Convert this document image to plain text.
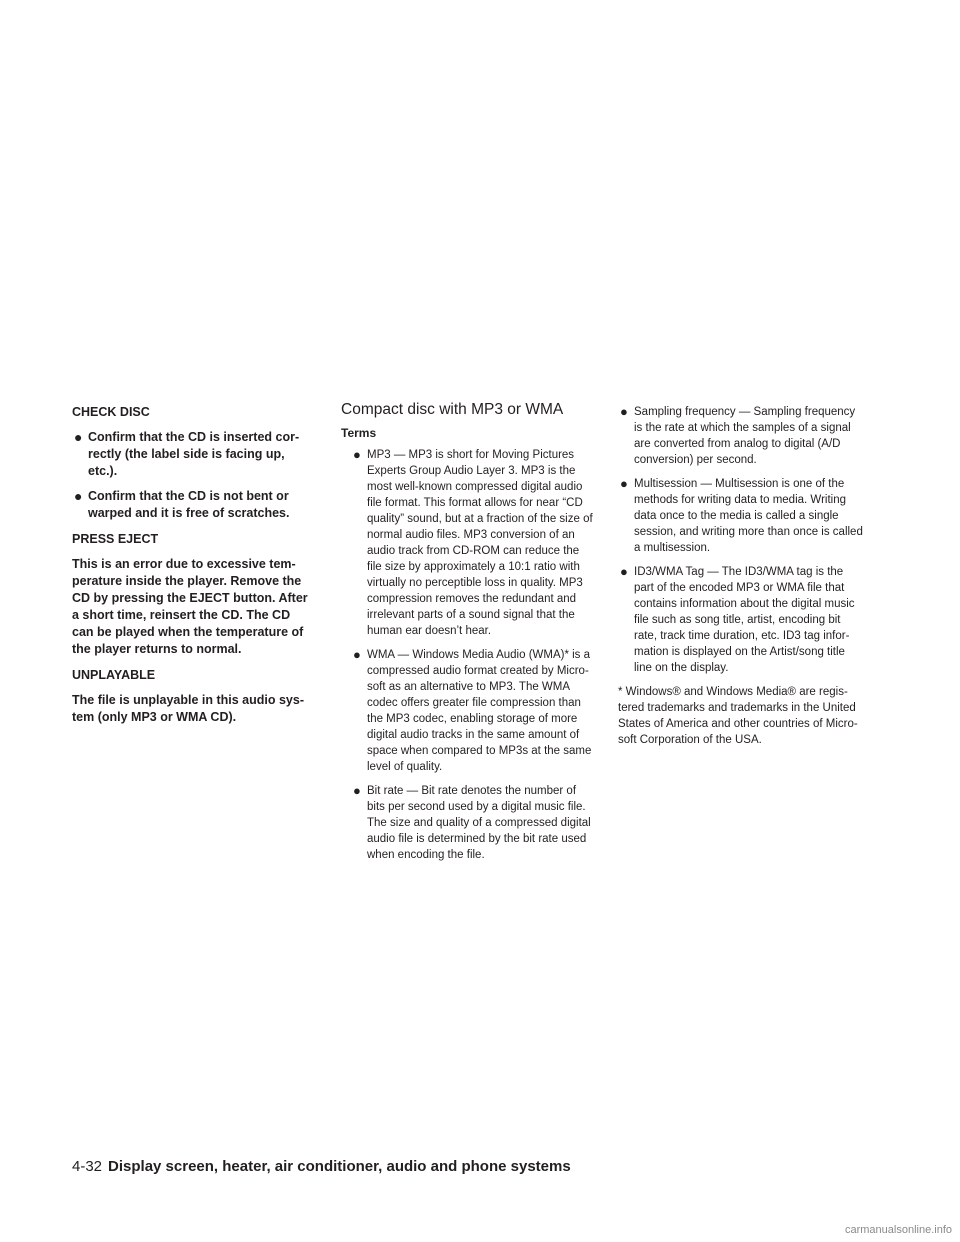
CHECK DISC
● Confirm that the CD is inserted cor-
rectly (the label side is facing up,
etc.).

● Confirm that the CD is not bent or
warped and it is free of scratches.

PRESS EJECT

This is an error due to excessive tem-
perature inside the player. Remove the
CD by pressing the EJECT button. After
a short time, reinsert the CD. The CD
can be played when the temperature of
the player returns to normal.

UNPLAYABLE

The file is unplayable in this audio sys-
tem (only MP3 or WMA CD).

Compact disc with MP3 or WMA
Terms
● MP3 — MP3 is short for Moving Pictures
Experts Group Audio Layer 3. MP3 is the
most well-known compressed digital audio
file format. This format allows for near “CD
quality” sound, but at a fraction of the size of
normal audio files. MP3 conversion of an
audio track from CD-ROM can reduce the
file size by approximately a 10:1 ratio with
virtually no perceptible loss in quality. MP3
compression removes the redundant and
irrelevant parts of a sound signal that the
human ear doesn’t hear.

● WMA — Windows Media Audio (WMA)* is a
compressed audio format created by Micro-
soft as an alternative to MP3. The WMA
codec offers greater file compression than
the MP3 codec, enabling storage of more
digital audio tracks in the same amount of
space when compared to MP3s at the same
level of quality.

● Bit rate — Bit rate denotes the number of
bits per second used by a digital music file.
The size and quality of a compressed digital
audio file is determined by the bit rate used
when encoding the file.

● Sampling frequency — Sampling frequency
is the rate at which the samples of a signal
are converted from analog to digital (A/D
conversion) per second.

● Multisession — Multisession is one of the
methods for writing data to media. Writing
data once to the media is called a single
session, and writing more than once is called
a multisession.

● ID3/WMA Tag — The ID3/WMA tag is the
part of the encoded MP3 or WMA file that
contains information about the digital music
file such as song title, artist, encoding bit
rate, track time duration, etc. ID3 tag infor-
mation is displayed on the Artist/song title
line on the display.

* Windows® and Windows Media® are regis-
tered trademarks and trademarks in the United
States of America and other countries of Micro-
soft Corporation of the USA.

4-32 Display screen, heater, air conditioner, audio and phone systems
carmanualsonline.info
